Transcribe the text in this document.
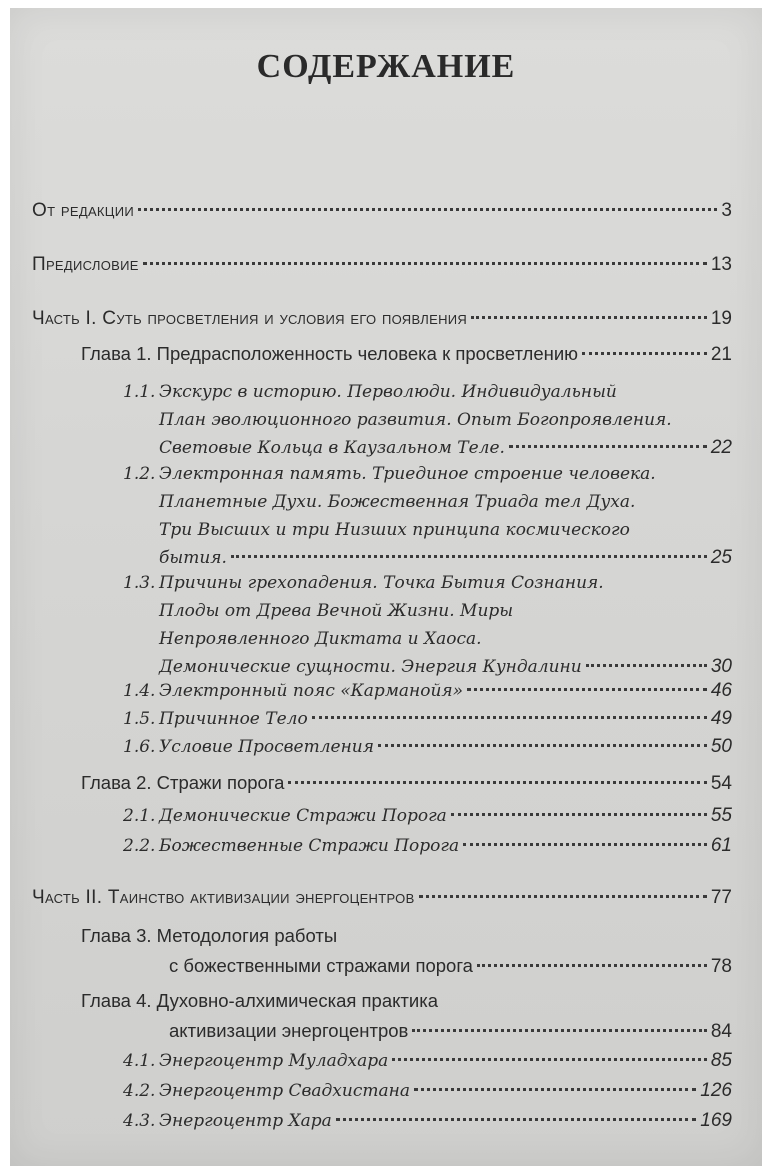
СОДЕРЖАНИЕ
От редакции	3
Предисловие	13
Часть I. Суть просветления и условия его появления	19
Глава 1. Предрасположенность человека к просветлению	21
1.1. Экскурс в историю. Перволюди. Индивидуальный
План эволюционного развития. Опыт Богопроявления.
Световые Кольца в Каузальном Теле.	22
1.2. Электронная память. Триединое строение человека.
Планетные Духи. Божественная Триада тел Духа.
Три Высших и три Низших принципа космического
бытия.	25
1.3. Причины грехопадения. Точка Бытия Сознания.
Плоды от Древа Вечной Жизни. Миры
Непроявленного Диктата и Хаоса.
Демонические сущности. Энергия Кундалини	30
1.4. Электронный пояс «Карманойя»	46
1.5. Причинное Тело	49
1.6. Условие Просветления	50
Глава 2. Стражи порога	54
2.1. Демонические Стражи Порога	55
2.2. Божественные Стражи Порога	61
Часть II. Таинство активизации энергоцентров	77
Глава 3. Методология работы
с божественными стражами порога	78
Глава 4. Духовно-алхимическая практика
активизации энергоцентров	84
4.1. Энергоцентр Муладхара	85
4.2. Энергоцентр Свадхистана	126
4.3. Энергоцентр Хара	169
